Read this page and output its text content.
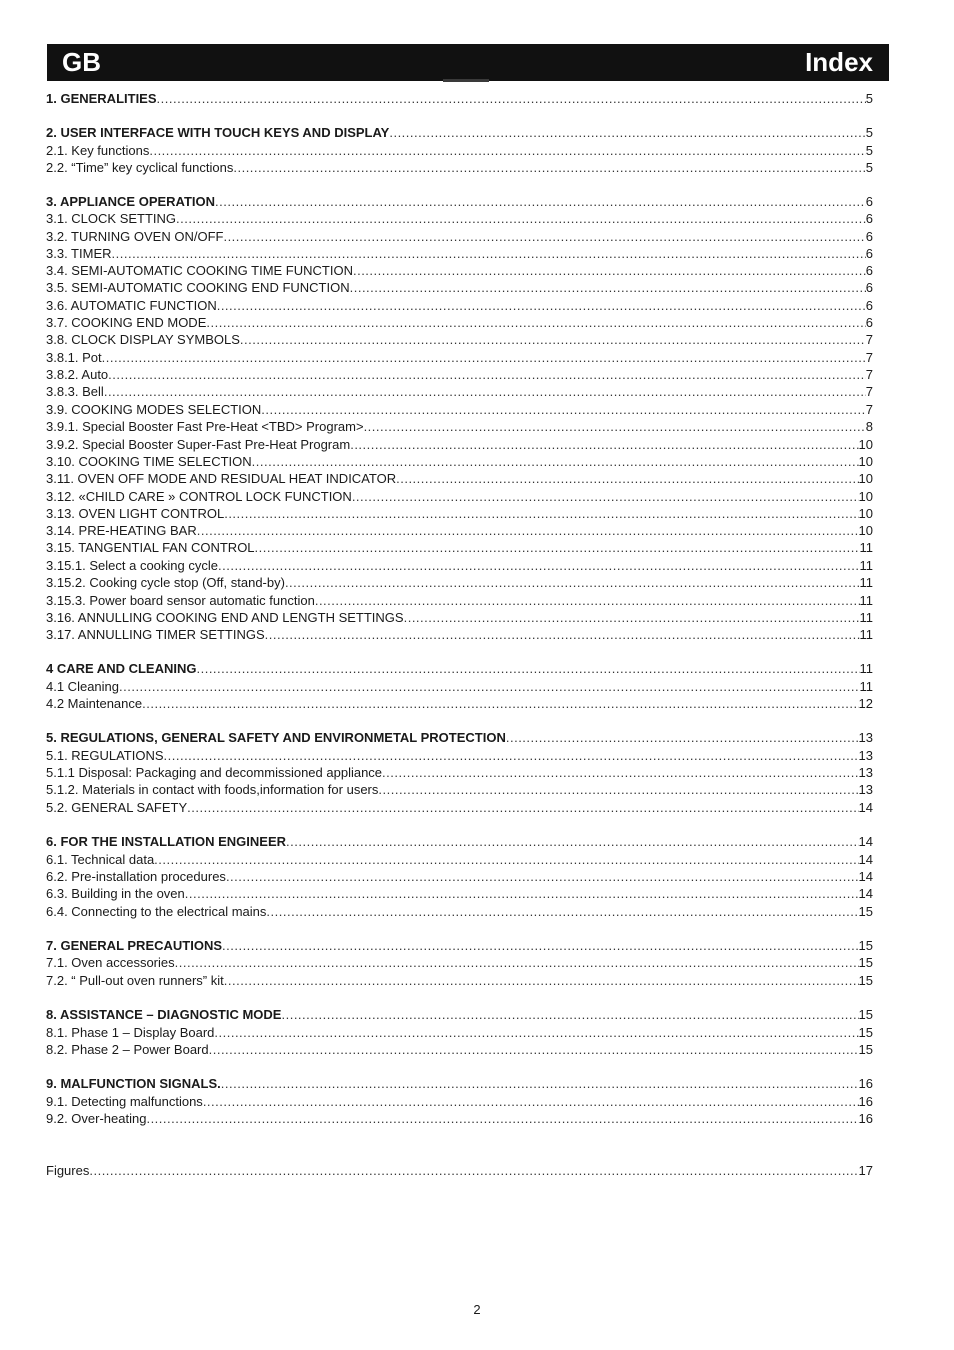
GB	Index
1. GENERALITIES .....	5
2. USER INTERFACE WITH TOUCH KEYS AND DISPLAY .....	5
2.1. Key functions .....	5
2.2. “Time” key cyclical functions .....	5
3. APPLIANCE OPERATION .....	6
3.1. CLOCK SETTING .....	6
3.2. TURNING OVEN ON/OFF .....	6
3.3. TIMER .....	6
3.4. SEMI-AUTOMATIC COOKING TIME FUNCTION .....	6
3.5. SEMI-AUTOMATIC COOKING END FUNCTION .....	6
3.6. AUTOMATIC FUNCTION .....	6
3.7. COOKING END MODE .....	6
3.8. CLOCK DISPLAY SYMBOLS .....	7
3.8.1. Pot .....	7
3.8.2. Auto .....	7
3.8.3. Bell .....	7
3.9. COOKING MODES SELECTION .....	7
3.9.1. Special Booster Fast Pre-Heat <TBD> Program> .....	8
3.9.2. Special Booster Super-Fast Pre-Heat Program .....	10
3.10. COOKING TIME SELECTION .....	10
3.11. OVEN OFF MODE AND RESIDUAL HEAT INDICATOR .....	10
3.12. «CHILD CARE » CONTROL LOCK FUNCTION .....	10
3.13. OVEN LIGHT CONTROL .....	10
3.14. PRE-HEATING BAR .....	10
3.15. TANGENTIAL FAN CONTROL .....	11
3.15.1. Select a cooking cycle .....	11
3.15.2. Cooking cycle stop (Off, stand-by) .....	11
3.15.3. Power board sensor automatic function .....	11
3.16. ANNULLING COOKING END AND LENGTH SETTINGS .....	11
3.17. ANNULLING TIMER SETTINGS .....	11
4 CARE AND CLEANING .....	11
4.1 Cleaning .....	11
4.2 Maintenance .....	12
5. REGULATIONS, GENERAL SAFETY AND ENVIRONMETAL PROTECTION .....	13
5.1. REGULATIONS .....	13
5.1.1 Disposal: Packaging and decommissioned appliance .....	13
5.1.2. Materials in contact with foods,information for users .....	13
5.2. GENERAL SAFETY .....	14
6. FOR THE INSTALLATION ENGINEER .....	14
6.1. Technical data .....	14
6.2. Pre-installation procedures .....	14
6.3. Building in the oven .....	14
6.4. Connecting to the electrical mains .....	15
7. GENERAL PRECAUTIONS .....	15
7.1. Oven accessories .....	15
7.2. “ Pull-out oven runners” kit .....	15
8. ASSISTANCE – DIAGNOSTIC MODE .....	15
8.1. Phase 1 – Display Board .....	15
8.2. Phase 2 – Power Board .....	15
9. MALFUNCTION SIGNALS. .....	16
9.1. Detecting malfunctions .....	16
9.2. Over-heating .....	16
Figures .....	17
2
